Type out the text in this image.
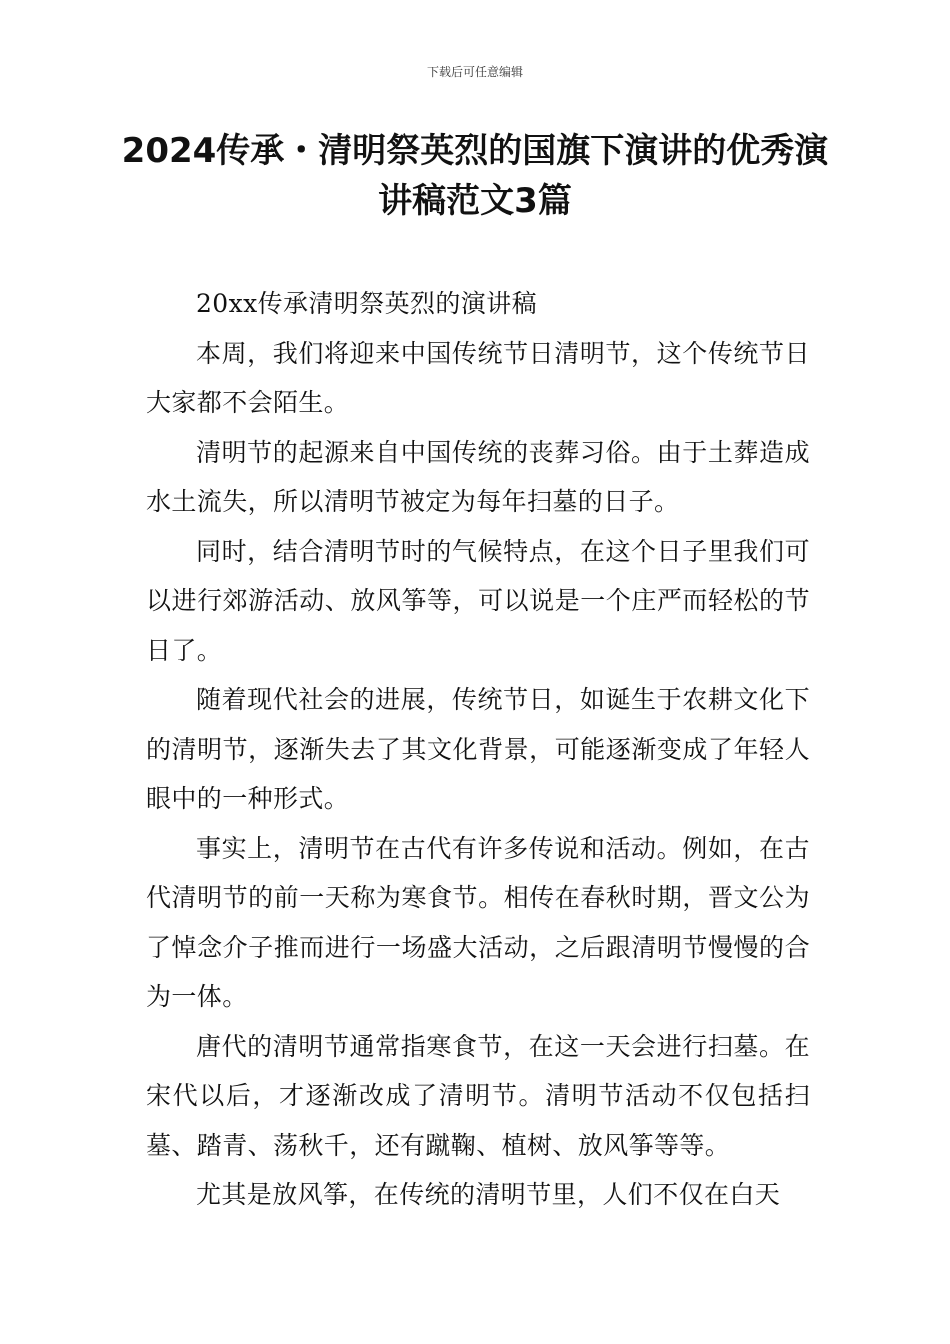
下载后可任意编辑
2024传承・清明祭英烈的国旗下演讲的优秀演讲稿范文3篇

20xx传承清明祭英烈的演讲稿

本周，我们将迎来中国传统节日清明节，这个传统节日大家都不会陌生。

清明节的起源来自中国传统的丧葬习俗。由于土葬造成水土流失，所以清明节被定为每年扫墓的日子。

同时，结合清明节时的气候特点，在这个日子里我们可以进行郊游活动、放风筝等，可以说是一个庄严而轻松的节日了。

随着现代社会的进展，传统节日，如诞生于农耕文化下的清明节，逐渐失去了其文化背景，可能逐渐变成了年轻人眼中的一种形式。

事实上，清明节在古代有许多传说和活动。例如，在古代清明节的前一天称为寒食节。相传在春秋时期，晋文公为了悼念介子推而进行一场盛大活动，之后跟清明节慢慢的合为一体。

唐代的清明节通常指寒食节，在这一天会进行扫墓。在宋代以后，才逐渐改成了清明节。清明节活动不仅包括扫墓、踏青、荡秋千，还有蹴鞠、植树、放风筝等等。

尤其是放风筝，在传统的清明节里，人们不仅在白天
